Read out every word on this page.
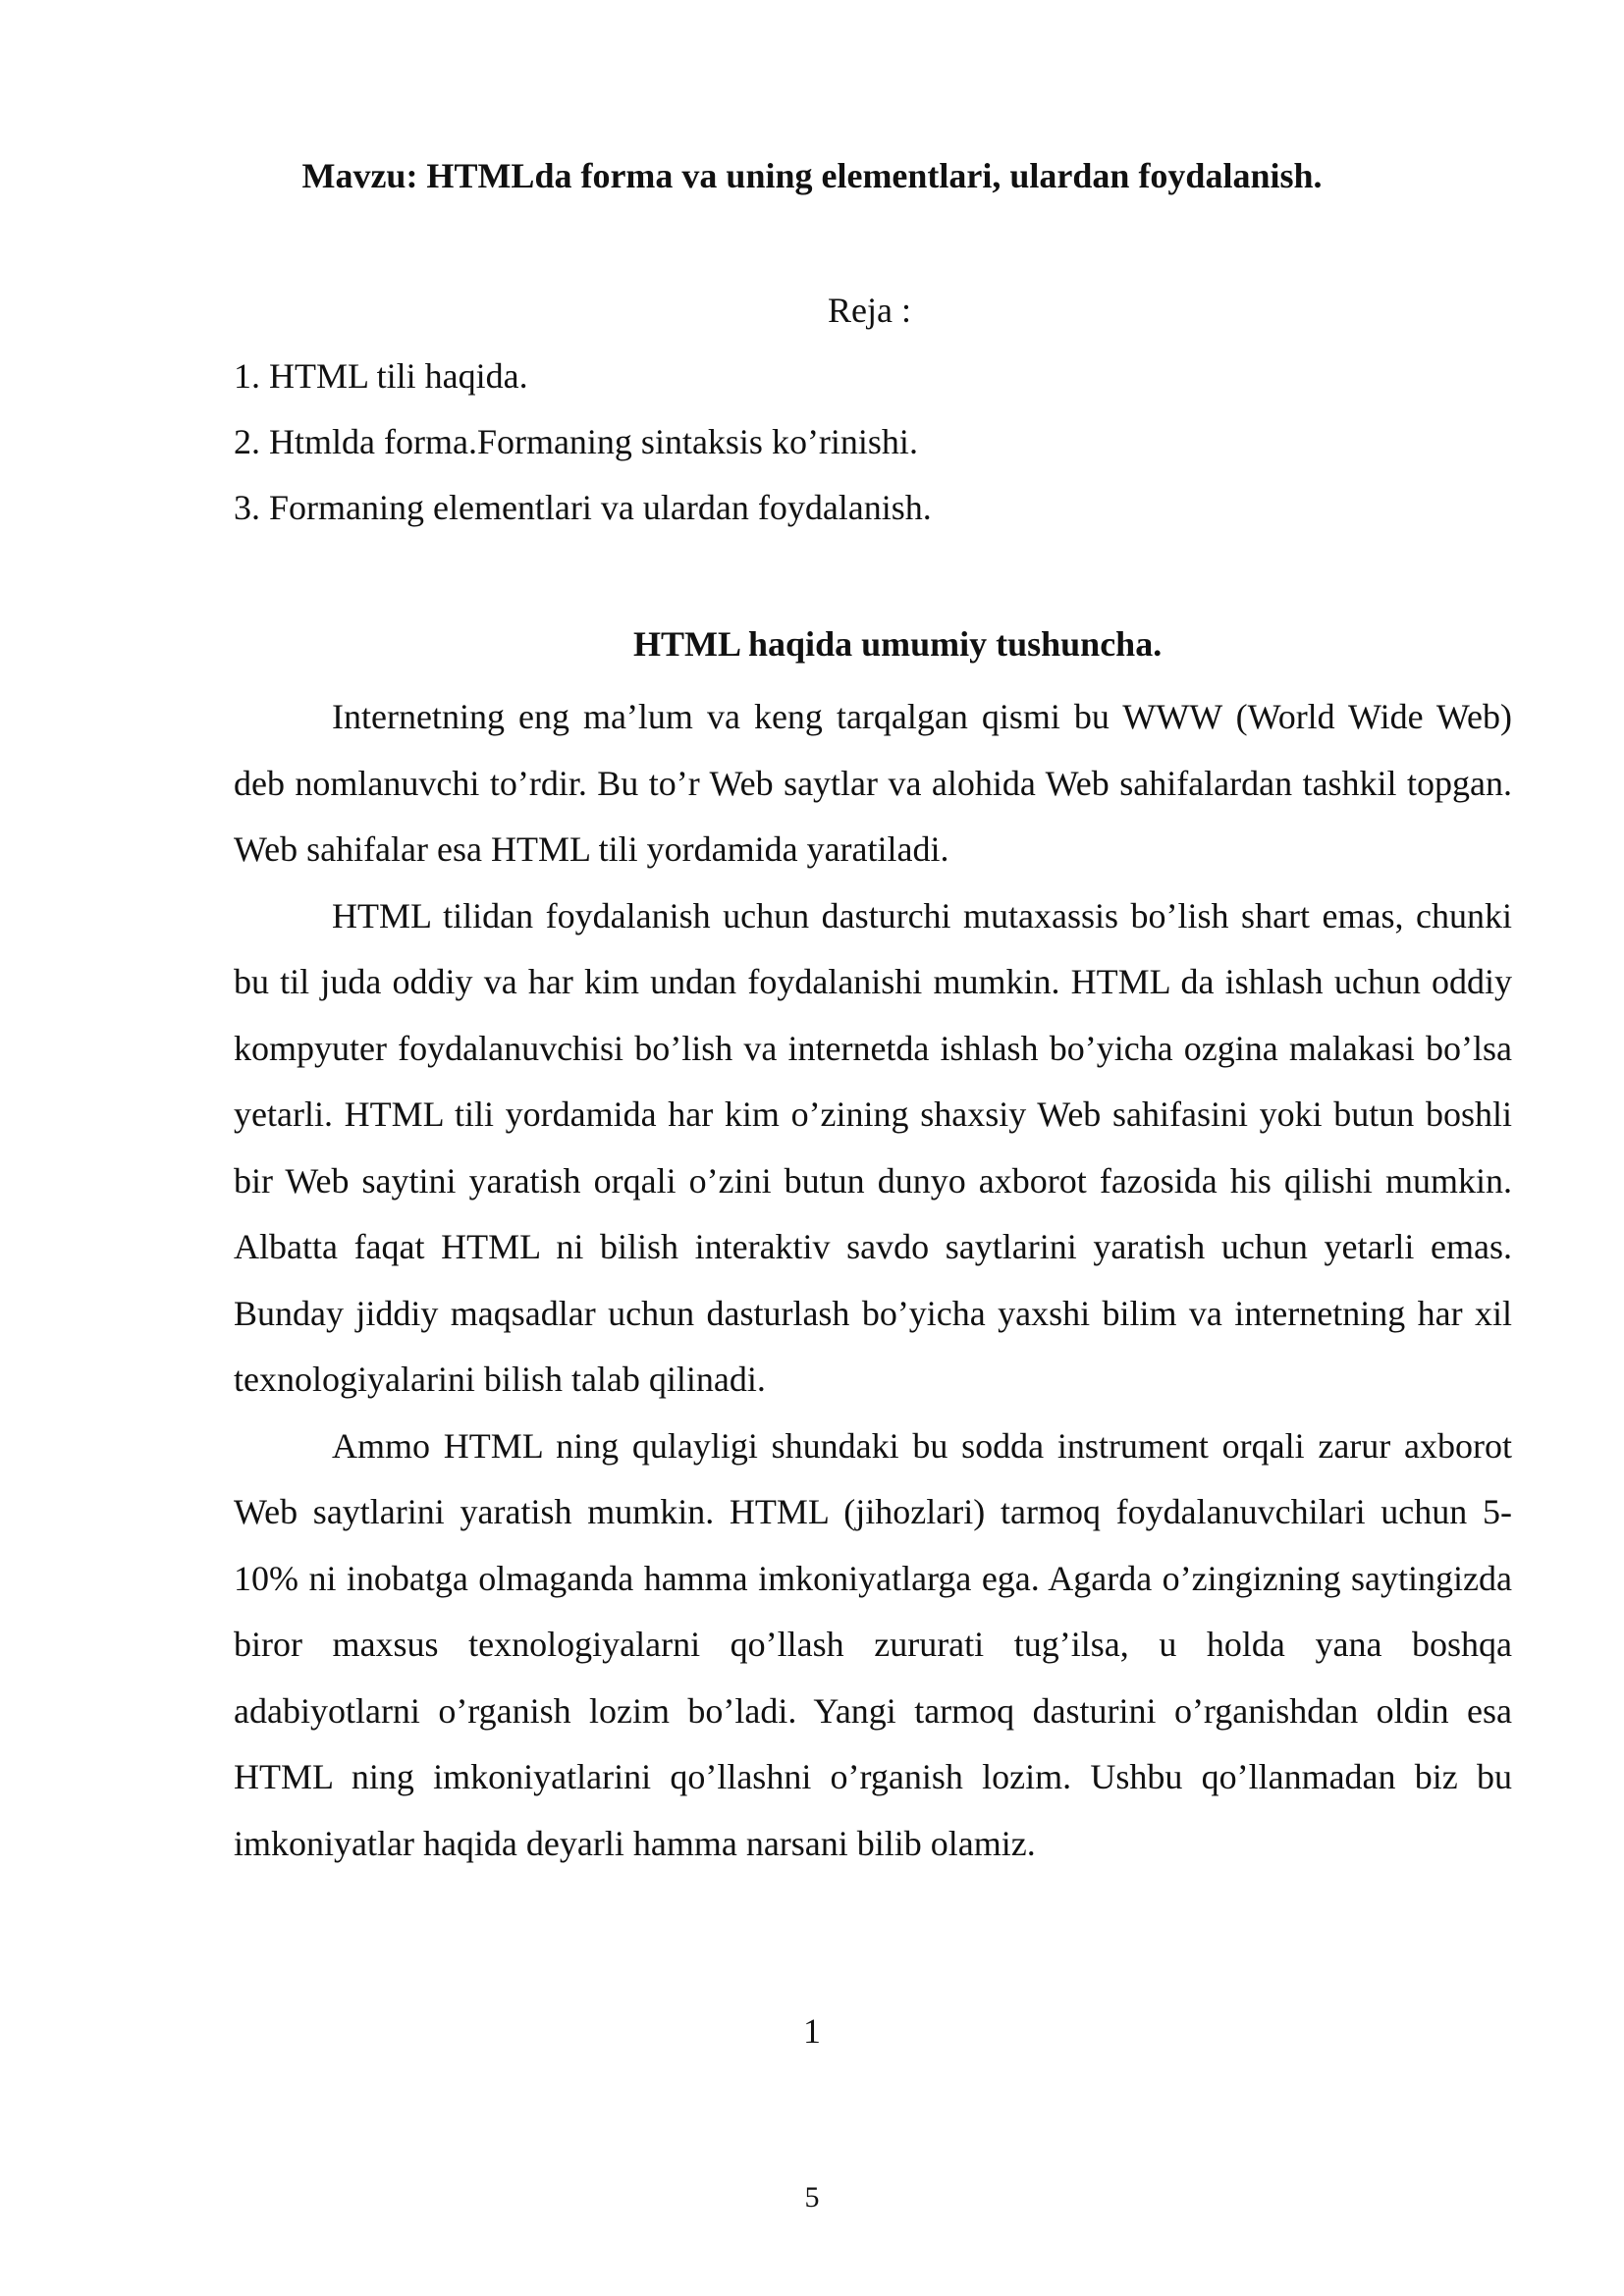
Mavzu: HTMLda forma va uning elementlari, ulardan foydalanish.
Reja :
1. HTML tili haqida.
2. Htmlda forma.Formaning sintaksis ko’rinishi.
3. Formaning elementlari va ulardan foydalanish.
HTML haqida umumiy tushuncha.

Internetning eng ma’lum va keng tarqalgan qismi bu WWW (World Wide Web) deb nomlanuvchi to’rdir. Bu to’r Web saytlar va alohida Web sahifalardan tashkil topgan. Web sahifalar esa HTML tili yordamida yaratiladi.

HTML tilidan foydalanish uchun dasturchi mutaxassis bo’lish shart emas, chunki bu til juda oddiy va har kim undan foydalanishi mumkin. HTML da ishlash uchun oddiy kompyuter foydalanuvchisi bo’lish va internetda ishlash bo’yicha ozgina malakasi bo’lsa yetarli. HTML tili yordamida har kim o’zining shaxsiy Web sahifasini yoki butun boshli bir Web saytini yaratish orqali o’zini butun dunyo axborot fazosida his qilishi mumkin. Albatta faqat HTML ni bilish interaktiv savdo saytlarini yaratish uchun yetarli emas. Bunday jiddiy maqsadlar uchun dasturlash bo’yicha yaxshi bilim va internetning har xil texnologiyalarini bilish talab qilinadi.

Ammo HTML ning qulayligi shundaki bu sodda instrument orqali zarur axborot Web saytlarini yaratish mumkin. HTML (jihozlari) tarmoq foydalanuvchilari uchun 5-10% ni inobatga olmaganda hamma imkoniyatlarga ega. Agarda o’zingizning saytingizda biror maxsus texnologiyalarni qo’llash zururati tug’ilsa, u holda yana boshqa adabiyotlarni o’rganish lozim bo’ladi. Yangi tarmoq dasturini o’rganishdan oldin esa HTML ning imkoniyatlarini qo’llashni o’rganish lozim. Ushbu qo’llanmadan biz bu imkoniyatlar haqida deyarli hamma narsani bilib olamiz.

1
5
